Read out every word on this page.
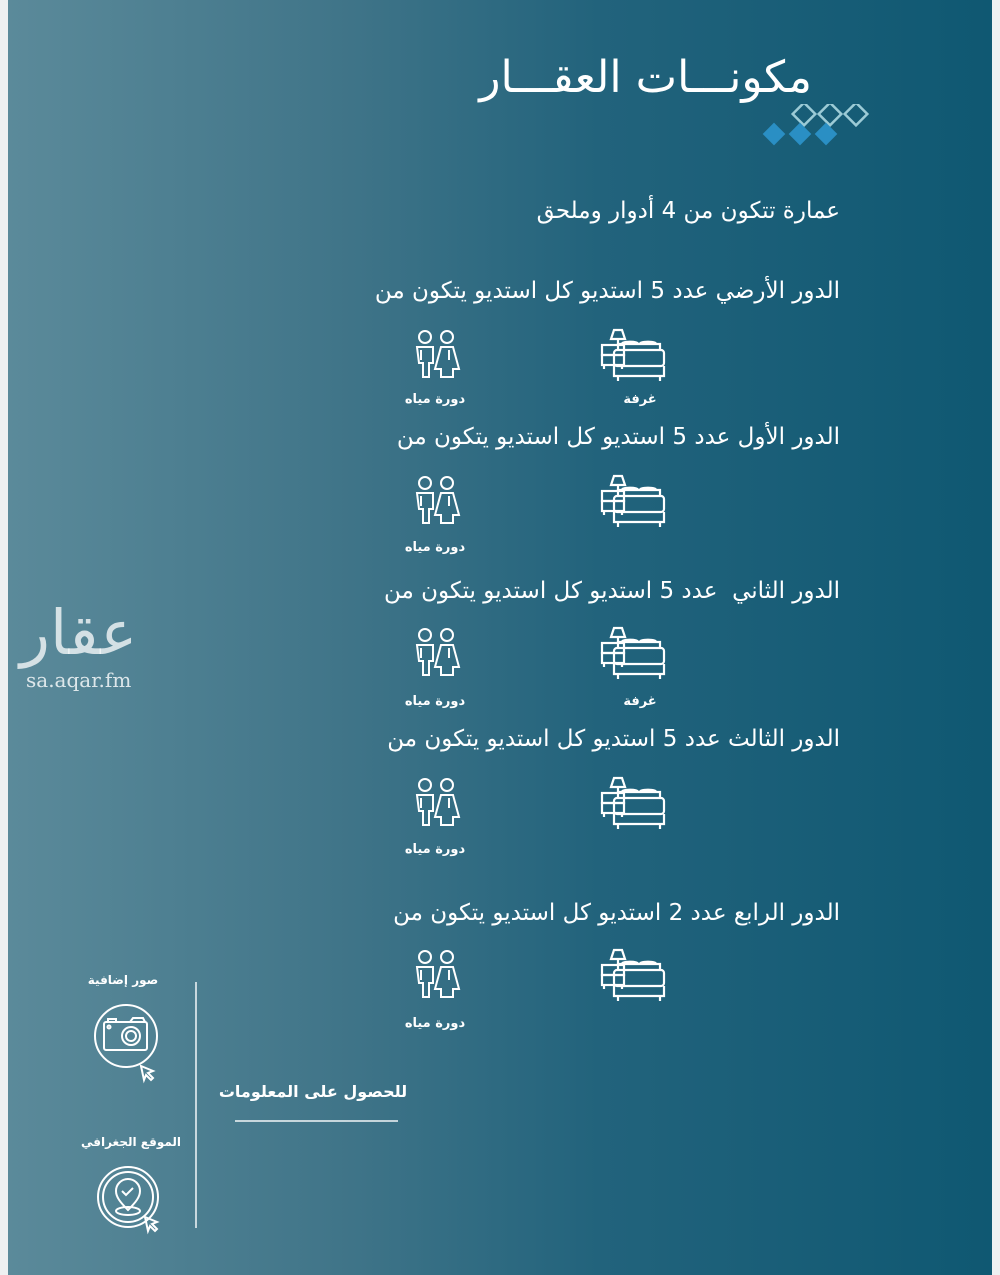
مكونـــات العقـــار
عمارة تتكون من 4 أدوار وملحق
الدور الأرضي عدد 5 استديو كل استديو يتكون من
غرفة
دورة مياه
الدور الأول عدد 5 استديو كل استديو يتكون من
دورة مياه
الدور الثاني  عدد 5 استديو كل استديو يتكون من
غرفة
دورة مياه
الدور الثالث عدد 5 استديو كل استديو يتكون من
دورة مياه
الدور الرابع عدد 2 استديو كل استديو يتكون من
دورة مياه
عقار
sa.aqar.fm
صور إضافية
الموقع الجغرافي
للحصول على المعلومات
